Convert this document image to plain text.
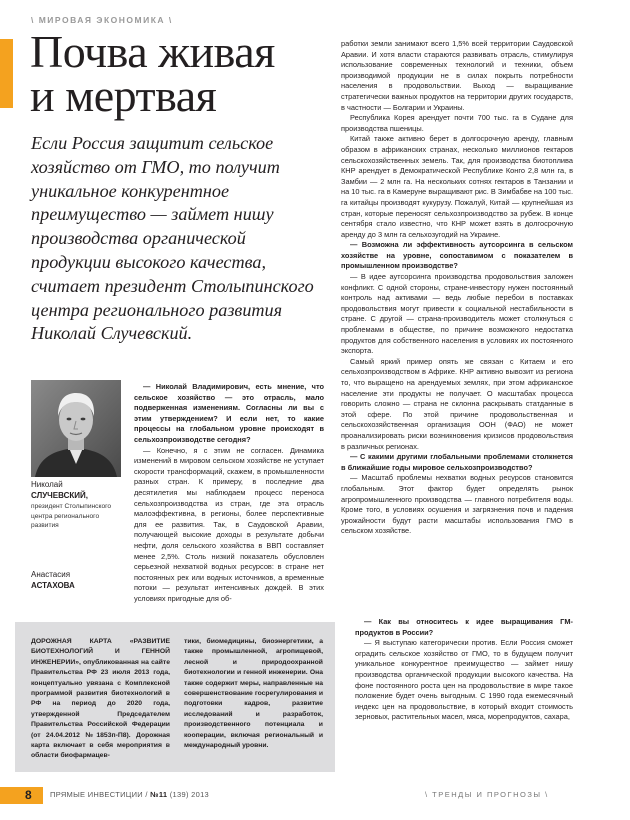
\ МИРОВАЯ ЭКОНОМИКА \
Почва живая
и мертвая
Если Россия защитит сельское
хозяйство от ГМО, то получит
уникальное конкурентное
преимущество — займет нишу
производства органической
продукции высокого качества,
считает президент Столыпинского
центра регионального развития
Николай Случевский.
Николай
СЛУЧЕВСКИЙ,
президент Столыпинского центра регионального развития
Анастасия
АСТАХОВА

— Николай Владимирович, есть мнение, что сельское хозяйство — это отрасль, мало подверженная изменениям. Согласны ли вы с этим утверждением? И если нет, то какие процессы на глобальном уровне происходят в сельхозпроизводстве сегодня?

— Конечно, я с этим не согласен. Динамика изменений в мировом сельском хозяйстве не уступает скорости трансформаций, скажем, в промышленности разных стран. К примеру, в последние два десятилетия мы наблюдаем процесс переноса сельхозпроизводства из стран, где эта отрасль малоэффективна, в регионы, более перспективные для ее развития. Так, в Саудовской Аравии, получающей высокие доходы в результате добычи нефти, доля сельского хозяйства в ВВП составляет менее 2,5%. Столь низкий показатель обусловлен серьезной нехваткой водных ресурсов: в стране нет постоянных рек или водных источников, а временные потоки — результат интенсивных дождей. В этих условиях пригодные для об-

работки земли занимают всего 1,5% всей территории Саудовской Аравии. И хотя власти стараются развивать отрасль, стимулируя использование современных технологий и техники, объем производимой продукции не в силах покрыть потребности населения в продовольствии. Выход — выращивание стратегически важных продуктов на территории других государств, в частности — Болгарии и Украины.

Республика Корея арендует почти 700 тыс. га в Судане для производства пшеницы.

Китай также активно берет в долгосрочную аренду, главным образом в африканских странах, несколько миллионов гектаров сельскохозяйственных земель. Так, для производства биотоплива КНР арендует в Демократической Республике Конго 2,8 млн га, в Замбии — 2 млн га. На нескольких сотнях гектаров в Танзании и на 10 тыс. га в Камеруне выращивают рис. В Зимбабве на 100 тыс. га китайцы производят кукурузу. Пожалуй, Китай — крупнейшая из стран, которые переносят сельхозпроизводство за рубеж. В конце сентября стало известно, что КНР может взять в долгосрочную аренду до 3 млн га сельхозугодий на Украине.

— Возможна ли эффективность аутсорсинга в сельском хозяйстве на уровне, сопоставимом с показателем в промышленном производстве?

— В идее аутсорсинга производства продовольствия заложен конфликт. С одной стороны, стране-инвестору нужен постоянный контроль над активами — ведь любые перебои в поставках продовольствия могут привести к социальной нестабильности в стране. С другой — страна-производитель может столкнуться с проблемами в обществе, по причине возможного недостатка продуктов для собственного населения в условиях их постоянного экспорта.

Самый яркий пример опять же связан с Китаем и его сельхозпроизводством в Африке. КНР активно вывозит из региона то, что выращено на арендуемых землях, при этом африканское население эти продукты не получает. О масштабах процесса говорить сложно — страна не склонна раскрывать статданные в этой сфере. По этой причине продовольственная и сельскохозяйственная организация ООН (ФАО) не может проанализировать риски возникновения кризисов продовольствия в различных регионах.

— С какими другими глобальными проблемами столкнется в ближайшие годы мировое сельхозпроизводство?

— Масштаб проблемы нехватки водных ресурсов становится глобальным. Этот фактор будет определять рынок агропромышленного производства — главного потребителя воды. Кроме того, в условиях осушения и загрязнения почв и падения урожайности будут расти масштабы использования ГМО в сельском хозяйстве.

— Как вы относитесь к идее выращивания ГМ-продуктов в России?

— Я выступаю категорически против. Если Россия сможет оградить сельское хозяйство от ГМО, то в будущем получит уникальное конкурентное преимущество — займет нишу производства органической продукции высокого качества. На фоне постоянного роста цен на продовольствие в мире такое положение будет очень выгодным. С 1990 года ежемесячный индекс цен на продовольствие, в который входит стоимость зерновых, растительных масел, мяса, морепродуктов, сахара,

ДОРОЖНАЯ КАРТА «РАЗВИТИЕ БИОТЕХНОЛОГИЙ И ГЕННОЙ ИНЖЕНЕРИИ», опубликованная на сайте Правительства РФ 23 июля 2013 года, концептуально увязана с Комплексной программой развития биотехнологий в РФ на период до 2020 года, утвержденной Председателем Правительства Российской Федерации (от 24.04.2012 №1853п-П8). Дорожная карта включает в себя мероприятия в области биофармацев-
тики, биомедицины, биоэнергетики, а также промышленной, агропищевой, лесной и природоохранной биотехнологии и генной инженерии. Она также содержит меры, направленные на совершенствование госрегулирования и подготовки кадров, развитие исследований и разработок, производственного потенциала и кооперации, включая региональный и международный уровни.
8	ПРЯМЫЕ ИНВЕСТИЦИИ / №11 (139) 2013	\ ТРЕНДЫ И ПРОГНОЗЫ \
